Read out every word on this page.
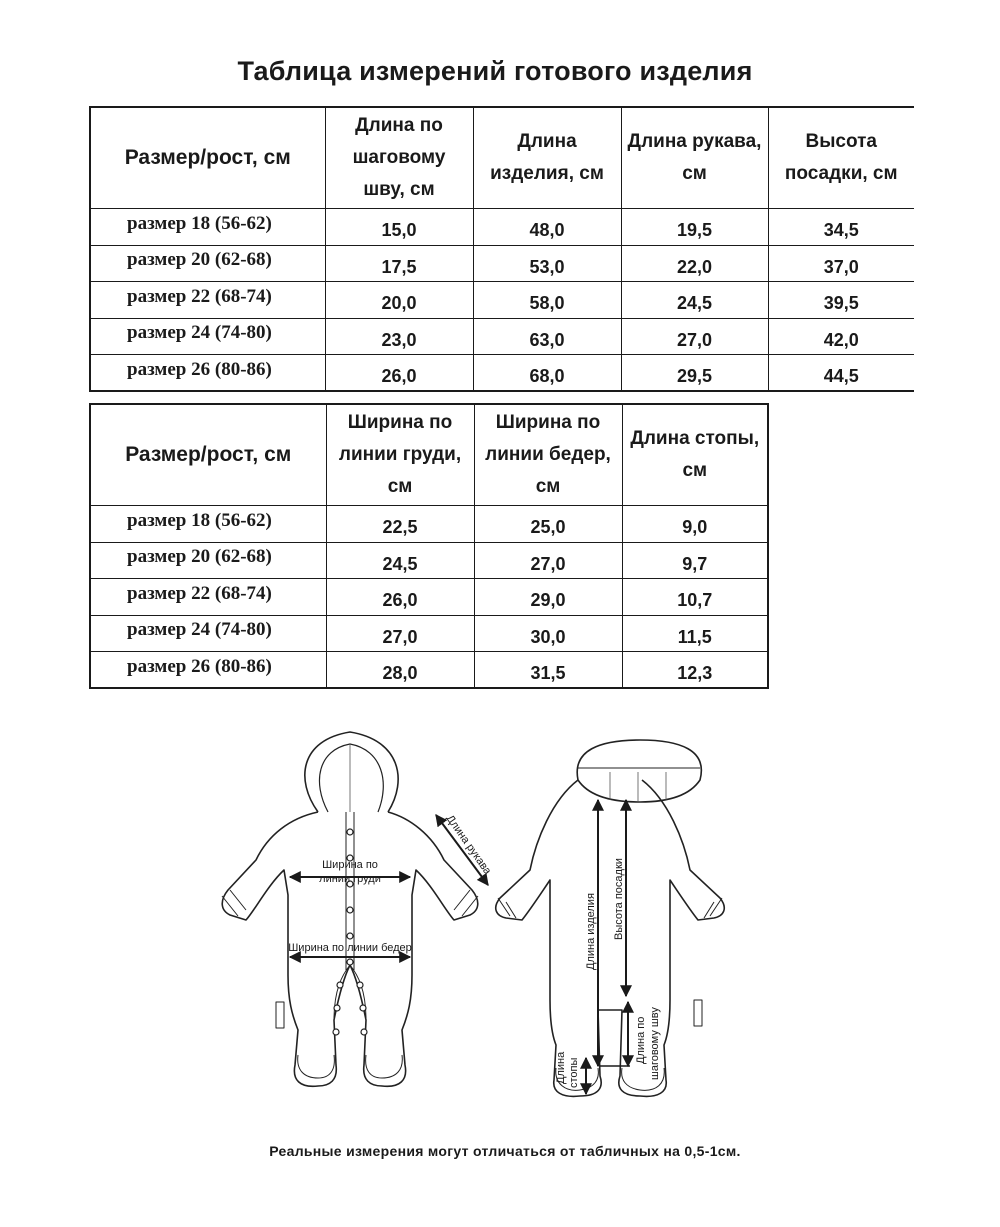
Таблица измерений готового изделия
Размер/рост, см	Длина по шаговому шву, см	Длина изделия, см	Длина рукава, см	Высота посадки, см
размер 18 (56-62)	15,0	48,0	19,5	34,5
размер 20 (62-68)	17,5	53,0	22,0	37,0
размер 22 (68-74)	20,0	58,0	24,5	39,5
размер 24 (74-80)	23,0	63,0	27,0	42,0
размер 26 (80-86)	26,0	68,0	29,5	44,5
Размер/рост, см	Ширина по линии груди, см	Ширина по линии бедер, см	Длина стопы, см
размер 18 (56-62)	22,5	25,0	9,0
размер 20 (62-68)	24,5	27,0	9,7
размер 22 (68-74)	26,0	29,0	10,7
размер 24 (74-80)	27,0	30,0	11,5
размер 26 (80-86)	28,0	31,5	12,3
Ширина по
линии груди
Ширина по линии бедер
Длина рукава
Длина изделия Высота посадки
Длина по шаговому шву
Длина стопы
Реальные измерения могут отличаться от табличных на 0,5-1см.
